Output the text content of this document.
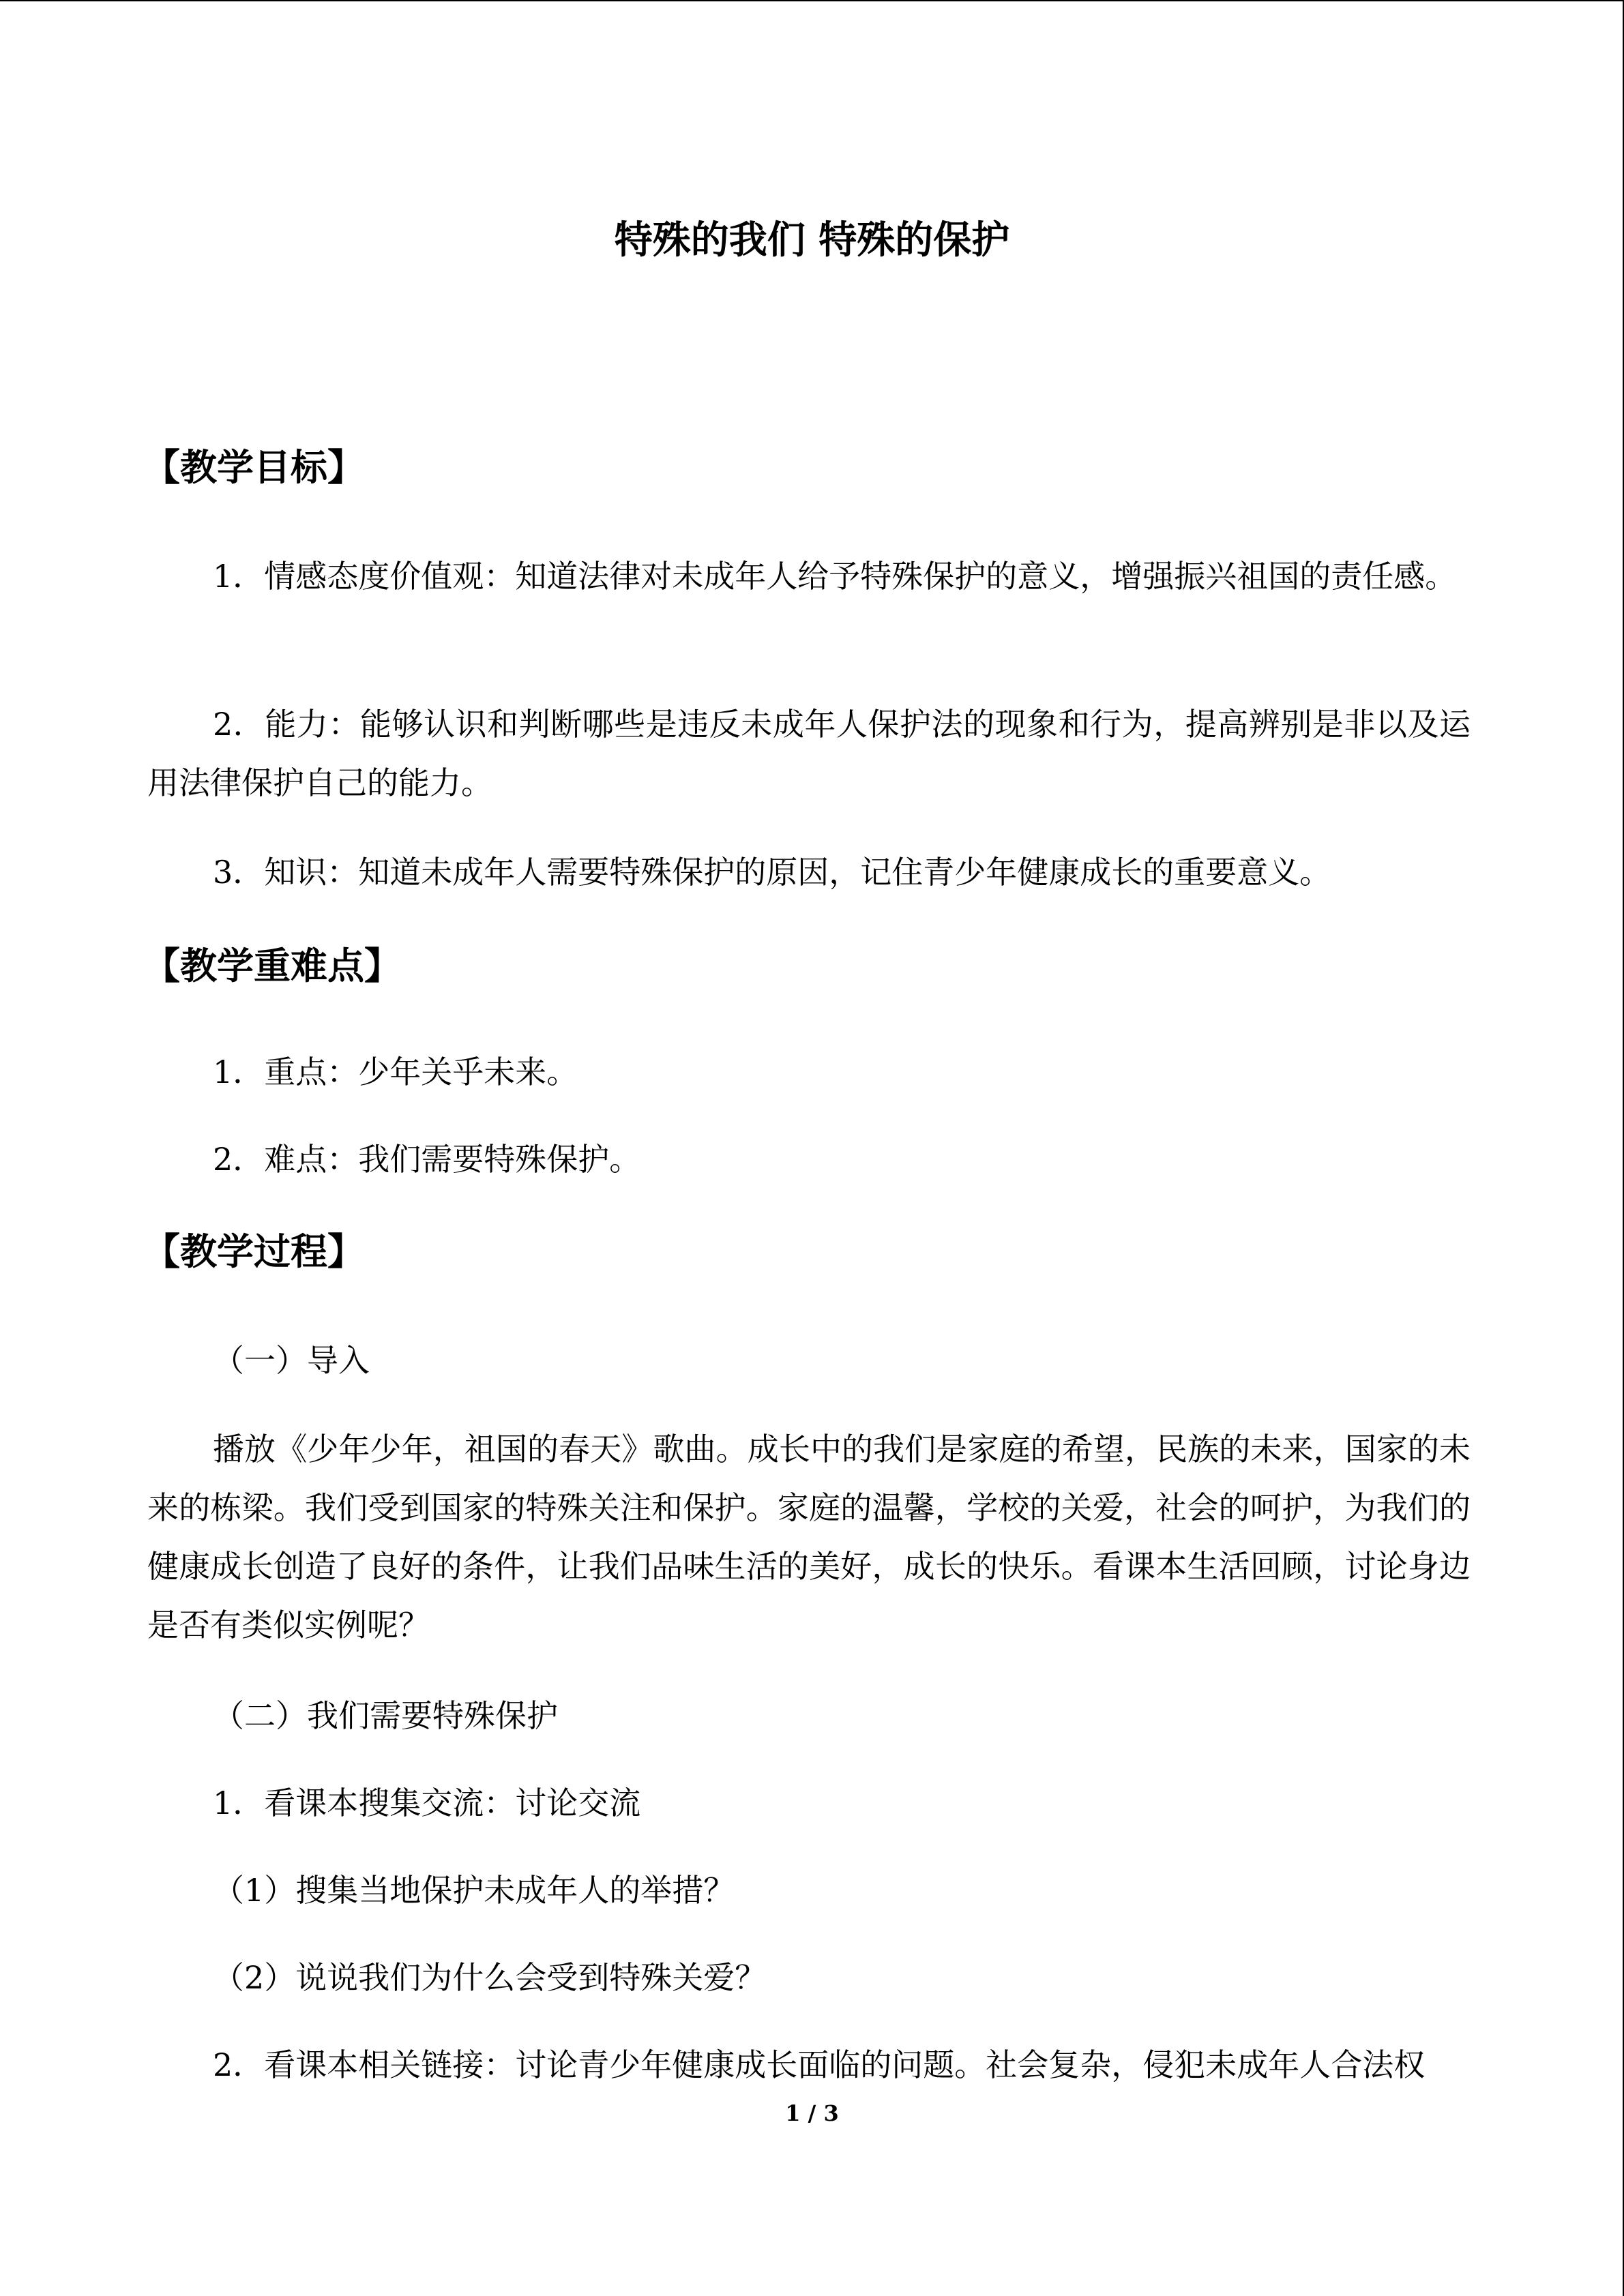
特殊的我们 特殊的保护
【教学目标】

1．情感态度价值观：知道法律对未成年人给予特殊保护的意义，增强振兴祖国的责任感。

2．能力：能够认识和判断哪些是违反未成年人保护法的现象和行为，提高辨别是非以及运用法律保护自己的能力。

3．知识：知道未成年人需要特殊保护的原因，记住青少年健康成长的重要意义。

【教学重难点】

1．重点：少年关乎未来。

2．难点：我们需要特殊保护。

【教学过程】

（一）导入

播放《少年少年，祖国的春天》歌曲。成长中的我们是家庭的希望，民族的未来，国家的未来的栋梁。我们受到国家的特殊关注和保护。家庭的温馨，学校的关爱，社会的呵护，为我们的健康成长创造了良好的条件，让我们品味生活的美好，成长的快乐。看课本生活回顾，讨论身边是否有类似实例呢？

（二）我们需要特殊保护

1．看课本搜集交流：讨论交流

（1）搜集当地保护未成年人的举措？

（2）说说我们为什么会受到特殊关爱？

2．看课本相关链接：讨论青少年健康成长面临的问题。社会复杂，侵犯未成年人合法权

1 / 3
